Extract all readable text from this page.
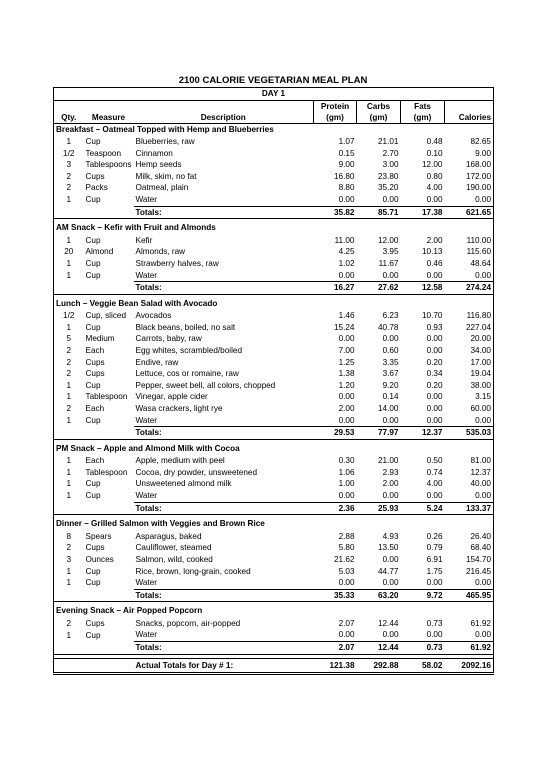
2100 CALORIE VEGETARIAN MEAL PLAN
DAY 1						
			Protein	Carbs	Fats	
Qty.	Measure	Description	(gm)	(gm)	(gm)	Calories
Breakfast – Oatmeal Topped with Hemp and Blueberries						
1	Cup	Blueberries, raw	1.07	21.01	0.48	82.65
1/2	Teaspoon	Cinnamon	0.15	2.70	0.10	9.00
3	Tablespoons	Hemp seeds	9.00	3.00	12.00	168.00
2	Cups	Milk, skim, no fat	16.80	23.80	0.80	172.00
2	Packs	Oatmeal, plain	8.80	35.20	4.00	190.00
1	Cup	Water	0.00	0.00	0.00	0.00
		Totals:	35.82	85.71	17.38	621.65

AM Snack – Kefir with Fruit and Almonds						
1	Cup	Kefir	11.00	12.00	2.00	110.00
20	Almond	Almonds, raw	4.25	3.95	10.13	115.60
1	Cup	Strawberry halves, raw	1.02	11.67	0.46	48.64
1	Cup	Water	0.00	0.00	0.00	0.00
		Totals:	16.27	27.62	12.58	274.24

Lunch – Veggie Bean Salad with Avocado						
1/2	Cup, sliced	Avocados	1.46	6.23	10.70	116.80
1	Cup	Black beans, boiled, no salt	15.24	40.78	0.93	227.04
5	Medium	Carrots, baby, raw	0.00	0.00	0.00	20.00
2	Each	Egg whites, scrambled/boiled	7.00	0.60	0.00	34.00
2	Cups	Endive, raw	1.25	3.35	0.20	17.00
2	Cups	Lettuce, cos or romaine, raw	1.38	3.67	0.34	19.04
1	Cup	Pepper, sweet bell, all colors, chopped	1.20	9.20	0.20	38.00
1	Tablespoon	Vinegar, apple cider	0.00	0.14	0.00	3.15
2	Each	Wasa crackers, light rye	2.00	14.00	0.00	60.00
1	Cup	Water	0.00	0.00	0.00	0.00
		Totals:	29.53	77.97	12.37	535.03

PM Snack – Apple and Almond Milk with Cocoa						
1	Each	Apple, medium with peel	0.30	21.00	0.50	81.00
1	Tablespoon	Cocoa, dry powder, unsweetened	1.06	2.93	0.74	12.37
1	Cup	Unsweetened almond milk	1.00	2.00	4.00	40.00
1	Cup	Water	0.00	0.00	0.00	0.00
		Totals:	2.36	25.93	5.24	133.37

Dinner – Grilled Salmon with Veggies and Brown Rice						
8	Spears	Asparagus, baked	2.88	4.93	0.26	26.40
2	Cups	Cauliflower, steamed	5.80	13.50	0.79	68.40
3	Ounces	Salmon, wild, cooked	21.62	0.00	6.91	154.70
1	Cup	Rice, brown, long-grain, cooked	5.03	44.77	1.75	216.45
1	Cup	Water	0.00	0.00	0.00	0.00
		Totals:	35.33	63.20	9.72	465.95

Evening Snack – Air Popped Popcorn						
2	Cups	Snacks, popcorn, air-popped	2.07	12.44	0.73	61.92
1	Cup	Water	0.00	0.00	0.00	0.00
		Totals:	2.07	12.44	0.73	61.92

		Actual Totals for Day # 1:	121.38	292.88	58.02	2092.16
